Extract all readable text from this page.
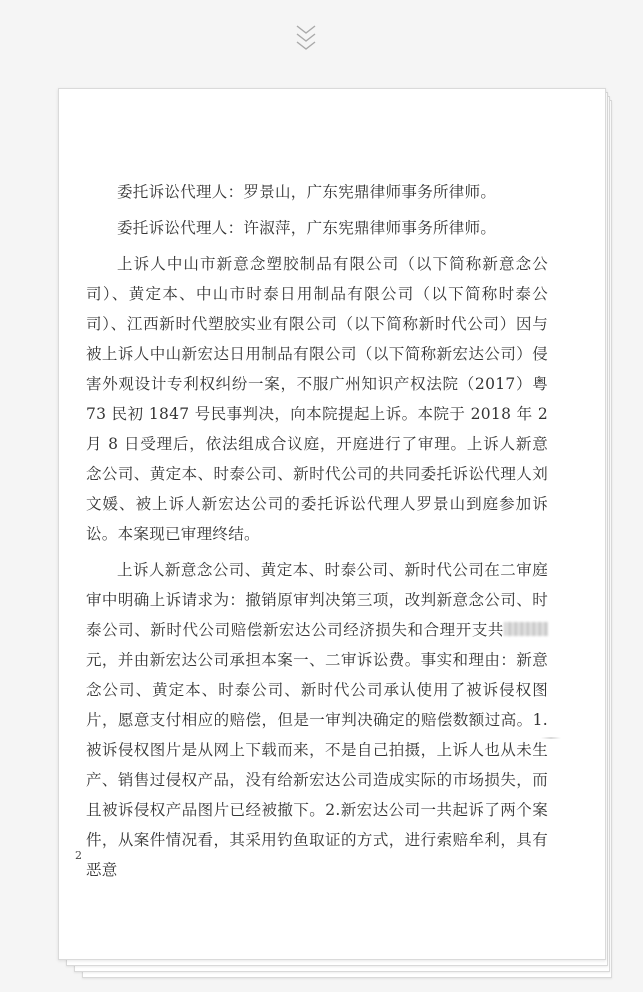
委托诉讼代理人：罗景山，广东宪鼎律师事务所律师。

委托诉讼代理人：许淑萍，广东宪鼎律师事务所律师。

上诉人中山市新意念塑胶制品有限公司（以下简称新意念公司）、黄定本、中山市时泰日用制品有限公司（以下简称时泰公司）、江西新时代塑胶实业有限公司（以下简称新时代公司）因与被上诉人中山新宏达日用制品有限公司（以下简称新宏达公司）侵害外观设计专利权纠纷一案，不服广州知识产权法院（2017）粤 73 民初 1847 号民事判决，向本院提起上诉。本院于 2018 年 2 月 8 日受理后，依法组成合议庭，开庭进行了审理。上诉人新意念公司、黄定本、时泰公司、新时代公司的共同委托诉讼代理人刘文媛、被上诉人新宏达公司的委托诉讼代理人罗景山到庭参加诉讼。本案现已审理终结。

上诉人新意念公司、黄定本、时泰公司、新时代公司在二审庭审中明确上诉请求为：撤销原审判决第三项，改判新意念公司、时泰公司、新时代公司赔偿新宏达公司经济损失和合理开支共元，并由新宏达公司承担本案一、二审诉讼费。事实和理由：新意念公司、黄定本、时泰公司、新时代公司承认使用了被诉侵权图片，愿意支付相应的赔偿，但是一审判决确定的赔偿数额过高。1.被诉侵权图片是从网上下载而来，不是自己拍摄，上诉人也从未生产、销售过侵权产品，没有给新宏达公司造成实际的市场损失，而且被诉侵权产品图片已经被撤下。2.新宏达公司一共起诉了两个案件，从案件情况看，其采用钓鱼取证的方式，进行索赔牟利，具有恶意

2
